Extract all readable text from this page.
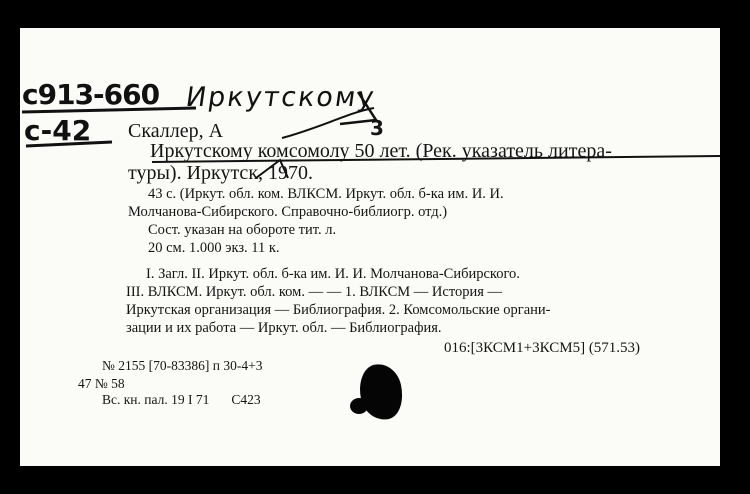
с913-660 Иркутскому
с-42	3
Скаллер, А
Иркутскому комсомолу 50 лет. (Рек. указатель литера-
туры). Иркутск, 1970.
43 с. (Иркут. обл. ком. ВЛКСМ. Иркут. обл. б-ка им. И. И.
Молчанова-Сибирского. Справочно-библиогр. отд.)
Сост. указан на обороте тит. л.
20 см. 1.000 экз. 11 к.
I. Загл. II. Иркут. обл. б-ка им. И. И. Молчанова-Сибирского.
III. ВЛКСМ. Иркут. обл. ком. — — 1. ВЛКСМ — История —
Иркутская организация — Библиография. 2. Комсомольские органи-
зации и их работа — Иркут. обл. — Библиография.
016:[3КСМ1+3КСМ5] (571.53)
№ 2155 [70-83386] п 30-4+3
47 № 58
Вс. кн. пал. 19 I 71 C423
